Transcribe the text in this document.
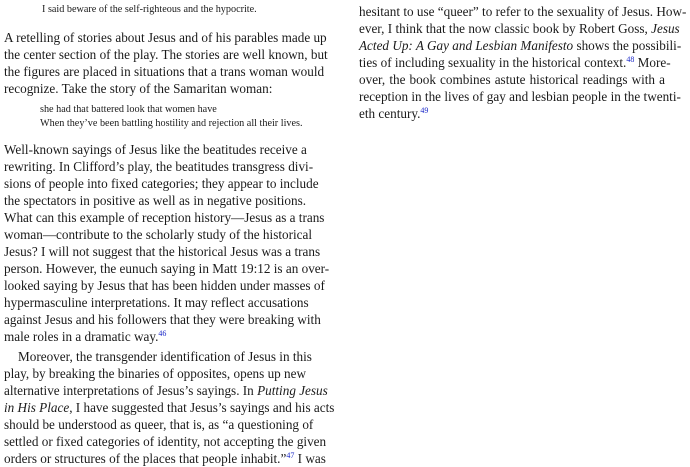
I said beware of the self-righteous and the hypocrite.
A retelling of stories about Jesus and of his parables made up
the center section of the play. The stories are well known, but
the figures are placed in situations that a trans woman would
recognize. Take the story of the Samaritan woman:
she had that battered look that women have
When they’ve been battling hostility and rejection all their lives.
Well-known sayings of Jesus like the beatitudes receive a
rewriting. In Clifford’s play, the beatitudes transgress divi-
sions of people into fixed categories; they appear to include
the spectators in positive as well as in negative positions.
What can this example of reception history—Jesus as a trans
woman—contribute to the scholarly study of the historical
Jesus? I will not suggest that the historical Jesus was a trans
person. However, the eunuch saying in Matt 19:12 is an over-
looked saying by Jesus that has been hidden under masses of
hypermasculine interpretations. It may reflect accusations
against Jesus and his followers that they were breaking with
male roles in a dramatic way.$^{46}$
Moreover, the transgender identification of Jesus in this
play, by breaking the binaries of opposites, opens up new
alternative interpretations of Jesus’s sayings. In Putting Jesus
in His Place, I have suggested that Jesus’s sayings and his acts
should be understood as queer, that is, as “a questioning of
settled or fixed categories of identity, not accepting the given
orders or structures of the places that people inhabit.”$^{47}$ I was
hesitant to use “queer” to refer to the sexuality of Jesus. How-
ever, I think that the now classic book by Robert Goss, Jesus
Acted Up: A Gay and Lesbian Manifesto shows the possibili-
ties of including sexuality in the historical context.$^{48}$ More-
over, the book combines astute historical readings with a
reception in the lives of gay and lesbian people in the twenti-
eth century.$^{49}$
